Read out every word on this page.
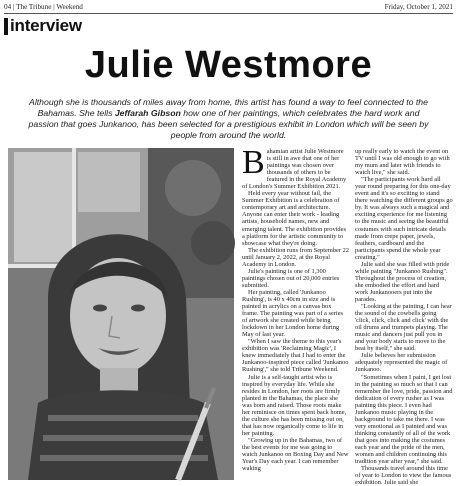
04 | The Tribune | Weekend	Friday, October 1, 2021
interview
Julie Westmore
Although she is thousands of miles away from home, this artist has found a way to feel connected to the Bahamas. She tells Jeffarah Gibson how one of her paintings, which celebrates the hard work and passion that goes Junkanoo, has been selected for a prestigious exhibit in London which will be seen by people from around the world.

Bahamian artist Julie Westmore is still in awe that one of her paintings was chosen over thousands of others to be featured in the Royal Academy of London's Summer Exhibition 2021.

Held every year without fail, the Summer Exhibition is a celebration of contemporary art and architecture. Anyone can enter their work - leading artists, household names, new and emerging talent. The exhibition provides a platform for the artistic community to showcase what they're doing.

The exhibition runs from September 22 until January 2, 2022, at the Royal Academy in London.

Julie's painting is one of 1,300 paintings chosen out of 20,000 entries submitted.

Her painting, called 'Junkanoo Rushing', is 40 x 40cm in size and is painted in acrylics on a canvas box frame. The painting was part of a series of artwork she created while being lockdown in her London home during May of last year.

"When I saw the theme to this year's exhibition was 'Reclaiming Magic', I knew immediately that I had to enter the Junkanoo-inspired piece called 'Junkanoo Rushing'," she told Tribune Weekend.

Julie is a self-taught artist who is inspired by everyday life. While she resides in London, her roots are firmly planted in the Bahamas, the place she was born and raised. Those roots make her reminisce on times spent back home, the culture she has been missing out on, that has now organically come to life in her painting.

"Growing up in the Bahamas, two of the best events for me was going to watch Junkanoo on Boxing Day and New Year's Day each year. I can remember waking

up really early to watch the event on TV until I was old enough to go with my mum and later with friends to watch live," she said.

"The participants work hard all year round preparing for this one-day event and it's so exciting to stand there watching the different groups go by. It was always such a magical and exciting experience for me listening to the music and seeing the beautiful costumes with such intricate details made from crepe paper, jewels, feathers, cardboard and the participants spend the whole year creating."

Julie said she was filled with pride while painting "Junkanoo Rushing". Throughout the process of creation, she embodied the effort and hard work Junkanooers put into the parades.

"Looking at the painting, I can hear the sound of the cowbells going 'click, click, click and click' with the oil drums and trumpets playing. The music and dancers just pull you in and your body starts to move to the beat by itself," she said.

Julie believes her submission adequately represented the magic of Junkanoo.

"Sometimes when I paint, I get lost in the painting so much so that I can remember the love, pride, passion and dedication of every rusher as I was painting this piece. I even had Junkanoo music playing in the background to take me there. I was very emotional as I painted and was thinking constantly of all of the work that goes into making the costumes each year and the pride of the men, women and children continuing this tradition year after year," she said.

Thousands travel around this time of year to London to view the famous exhibition. Julie said she
